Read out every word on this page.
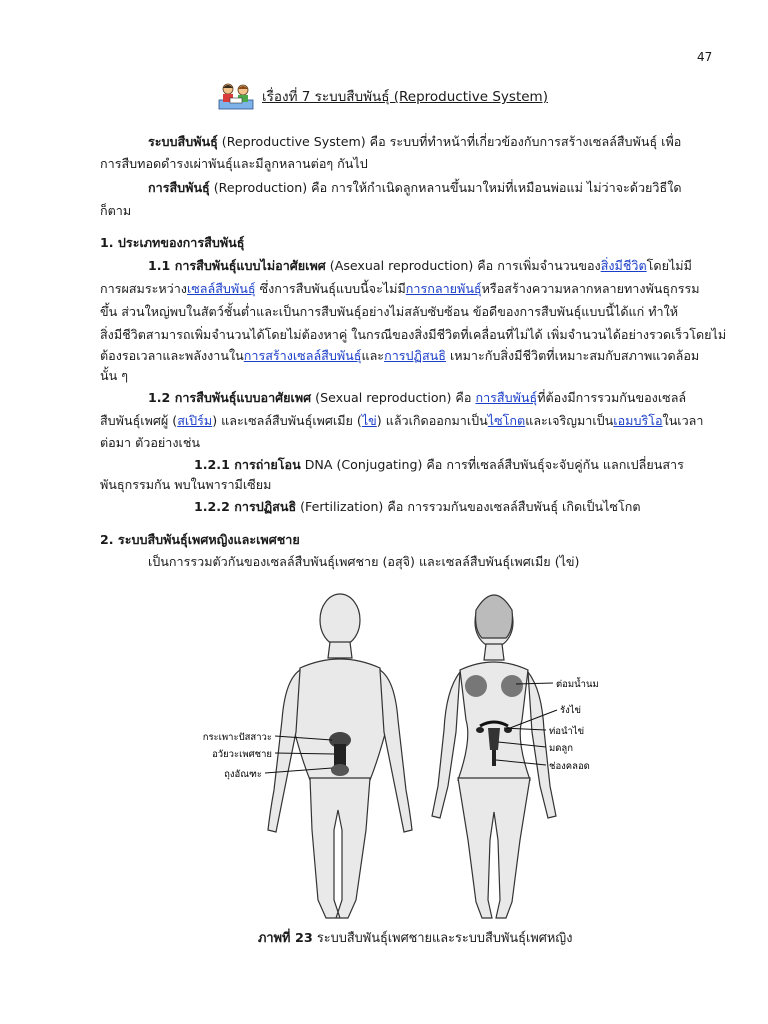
47
เรื่องที่ 7 ระบบสืบพันธุ์ (Reproductive System)
ระบบสืบพันธุ์ (Reproductive System) คือ ระบบที่ทำหน้าที่เกี่ยวข้องกับการสร้างเซลล์สืบพันธุ์ เพื่อ
การสืบทอดดำรงเผ่าพันธุ์และมีลูกหลานต่อๆ กันไป
การสืบพันธุ์ (Reproduction) คือ การให้กำเนิดลูกหลานขึ้นมาใหม่ที่เหมือนพ่อแม่ ไม่ว่าจะด้วยวิธีใด
ก็ตาม
1. ประเภทของการสืบพันธุ์
1.1 การสืบพันธุ์แบบไม่อาศัยเพศ (Asexual reproduction) คือ การเพิ่มจำนวนของสิ่งมีชีวิตโดยไม่มี
การผสมระหว่างเซลล์สืบพันธุ์ ซึ่งการสืบพันธุ์แบบนี้จะไม่มีการกลายพันธุ์หรือสร้างความหลากหลายทางพันธุกรรม
ขึ้น ส่วนใหญ่พบในสัตว์ชั้นต่ำและเป็นการสืบพันธุ์อย่างไม่สลับซับซ้อน ข้อดีของการสืบพันธุ์แบบนี้ได้แก่ ทำให้
สิ่งมีชีวิตสามารถเพิ่มจำนวนได้โดยไม่ต้องหาคู่ ในกรณีของสิ่งมีชีวิตที่เคลื่อนที่ไม่ได้ เพิ่มจำนวนได้อย่างรวดเร็วโดยไม่
ต้องรอเวลาและพลังงานในการสร้างเซลล์สืบพันธุ์และการปฏิสนธิ เหมาะกับสิ่งมีชีวิตที่เหมาะสมกับสภาพแวดล้อม
นั้น ๆ
1.2 การสืบพันธุ์แบบอาศัยเพศ (Sexual reproduction) คือ การสืบพันธุ์ที่ต้องมีการรวมกันของเซลล์
สืบพันธุ์เพศผู้ (สเปิร์ม) และเซลล์สืบพันธุ์เพศเมีย (ไข่) แล้วเกิดออกมาเป็นไซโกตและเจริญมาเป็นเอมบริโอในเวลา
ต่อมา ตัวอย่างเช่น
1.2.1 การถ่ายโอน DNA (Conjugating) คือ การที่เซลล์สืบพันธุ์จะจับคู่กัน แลกเปลี่ยนสาร
พันธุกรรมกัน พบในพารามีเซียม
1.2.2 การปฏิสนธิ (Fertilization) คือ การรวมกันของเซลล์สืบพันธุ์ เกิดเป็นไซโกต
2. ระบบสืบพันธุ์เพศหญิงและเพศชาย
เป็นการรวมตัวกันของเซลล์สืบพันธุ์เพศชาย (อสุจิ) และเซลล์สืบพันธุ์เพศเมีย (ไข่)
กระเพาะปัสสาวะ
อวัยวะเพศชาย
ถุงอัณฑะ
ต่อมน้ำนม
รังไข่
ท่อนำไข่
มดลูก
ช่องคลอด
ภาพที่ 23 ระบบสืบพันธุ์เพศชายและระบบสืบพันธุ์เพศหญิง
